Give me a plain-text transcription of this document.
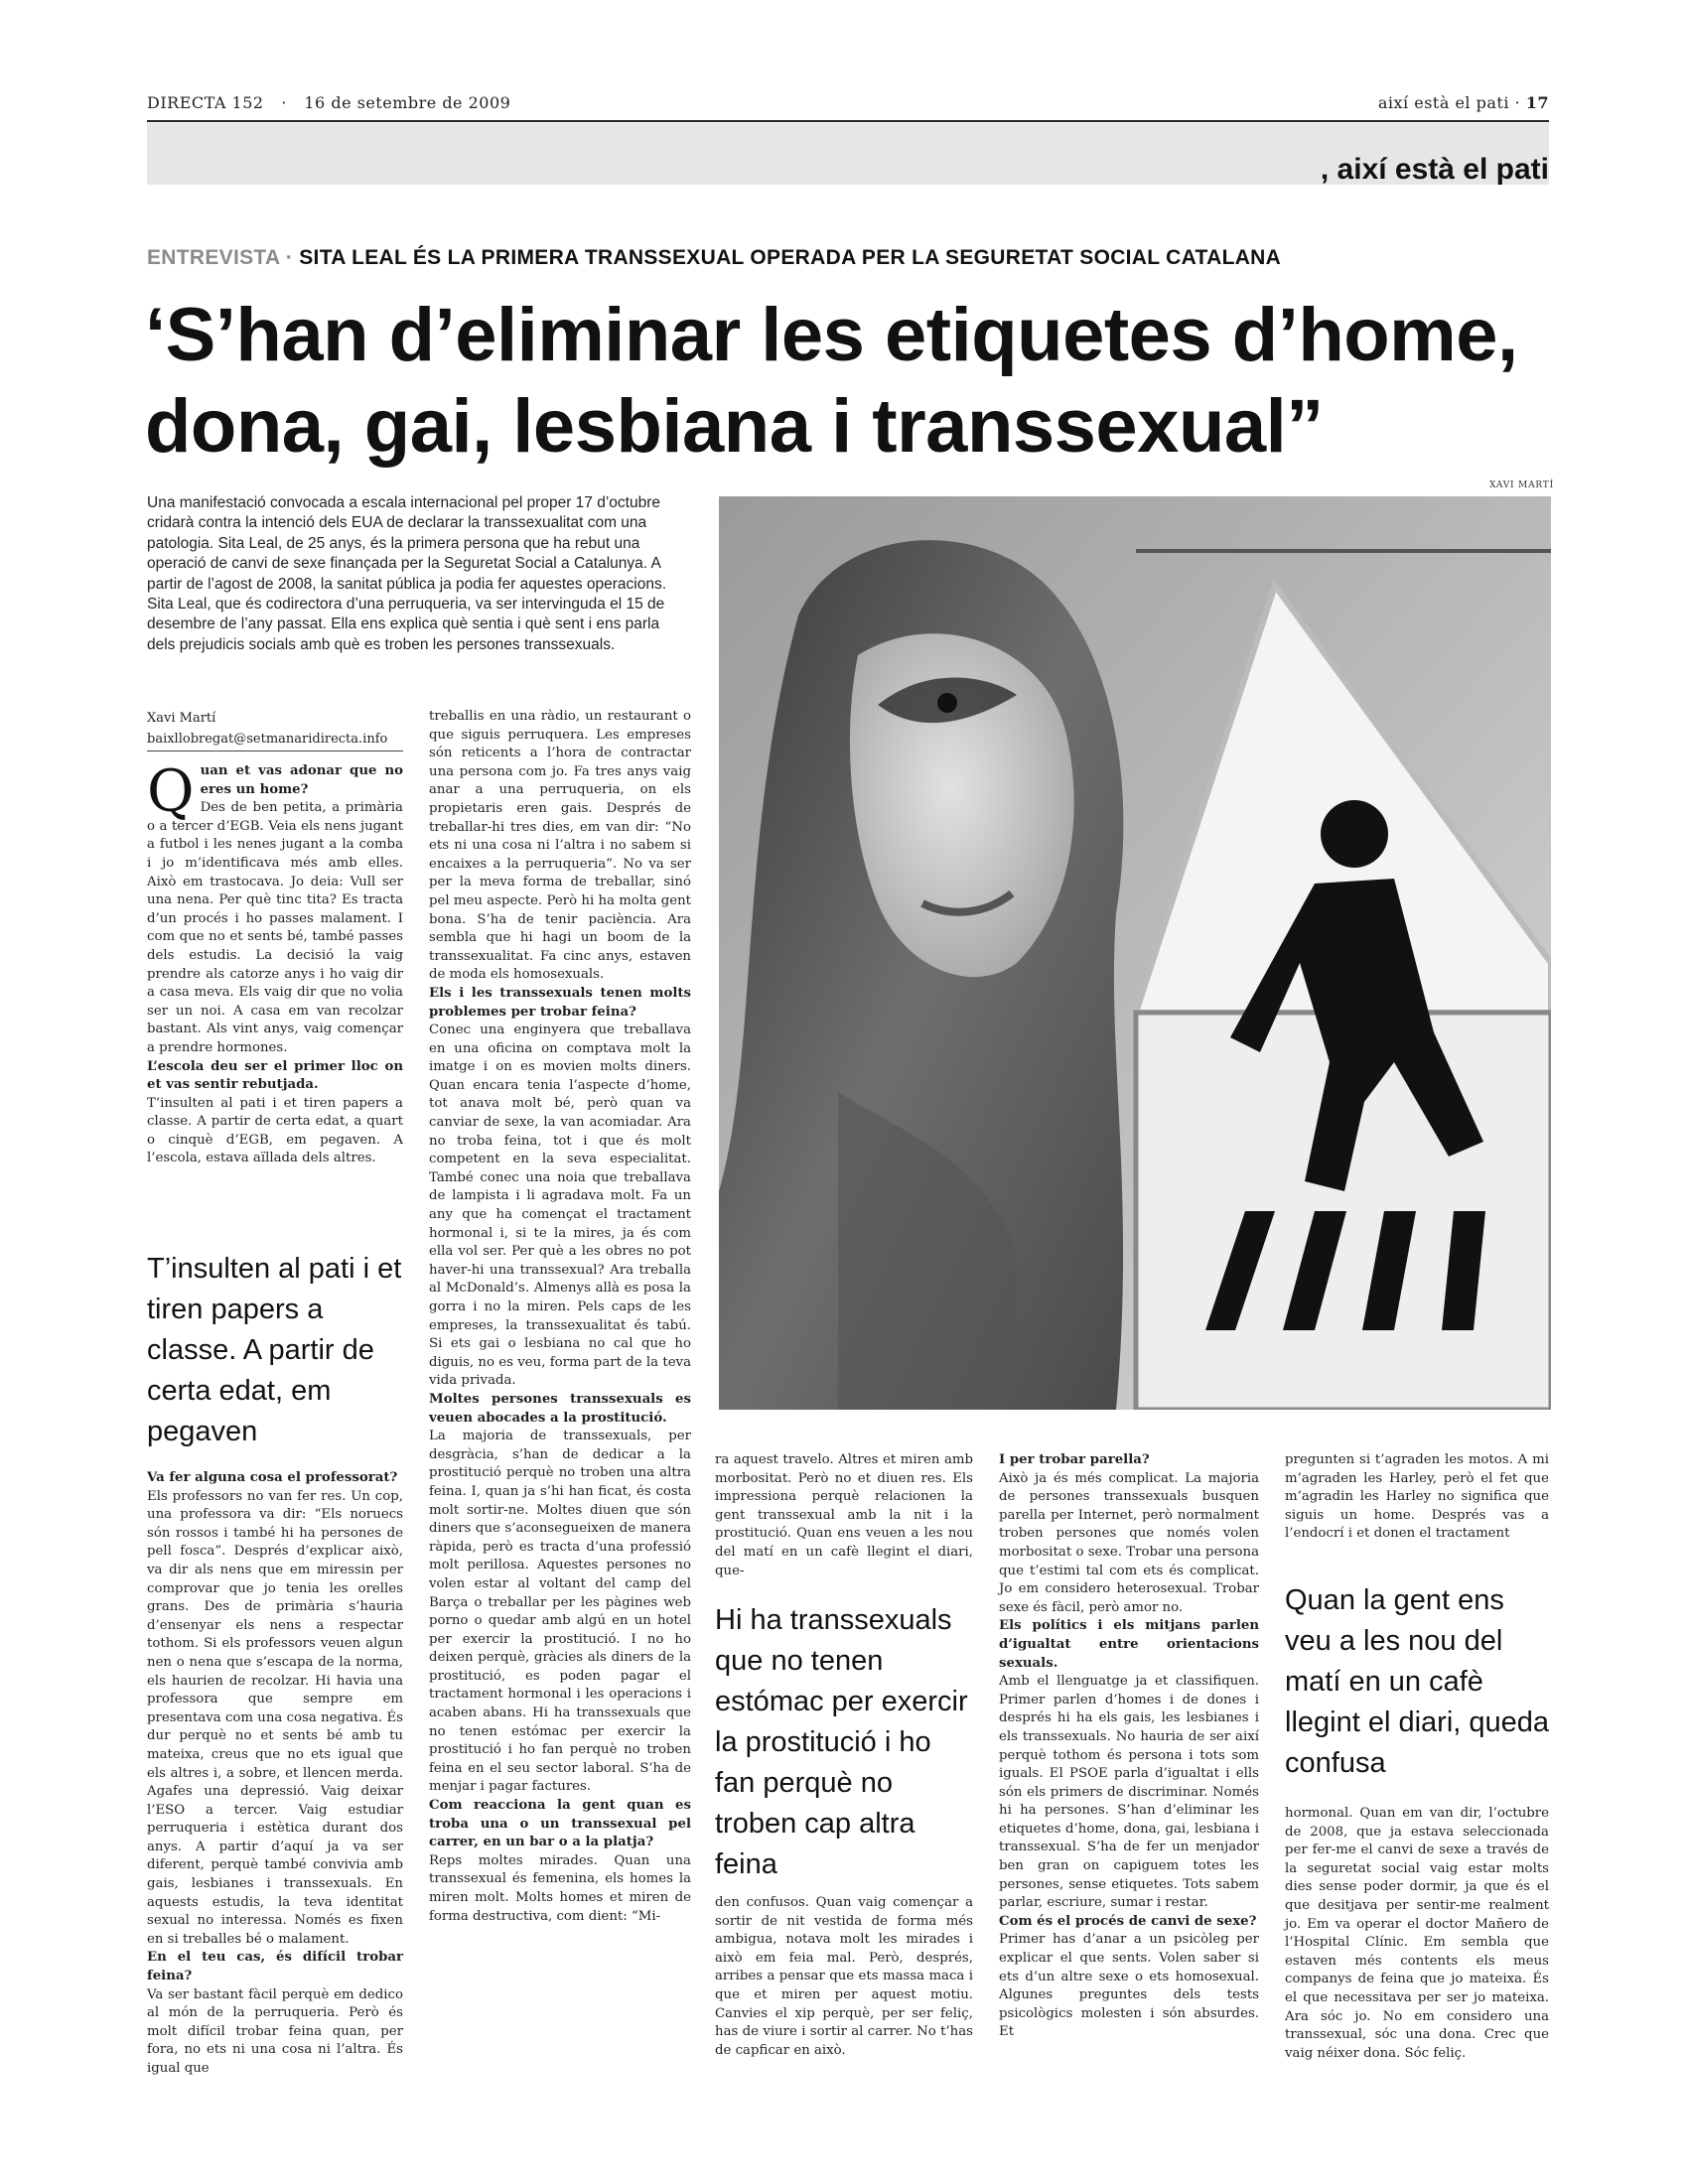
DIRECTA 152 · 16 de setembre de 2009	així està el pati · 17
, així està el pati
ENTREVISTA · SITA LEAL ÉS LA PRIMERA TRANSSEXUAL OPERADA PER LA SEGURETAT SOCIAL CATALANA
‘S’han d’eliminar les etiquetes d’home, dona, gai, lesbiana i transsexual”

Una manifestació convocada a escala internacional pel proper 17 d’octubre cridarà contra la intenció dels EUA de declarar la transsexualitat com una patologia. Sita Leal, de 25 anys, és la primera persona que ha rebut una operació de canvi de sexe finançada per la Seguretat Social a Catalunya. A partir de l’agost de 2008, la sanitat pública ja podia fer aquestes operacions. Sita Leal, que és codirectora d’una perruqueria, va ser intervinguda el 15 de desembre de l’any passat. Ella ens explica què sentia i què sent i ens parla dels prejudicis socials amb què es troben les persones transsexuals.

XAVI MARTÍ
Xavi Martí
baixllobregat@setmanaridirecta.info

Quan et vas adonar que no eres un home?

Des de ben petita, a primària o a tercer d’EGB. Veia els nens jugant a futbol i les nenes jugant a la comba i jo m’identificava més amb elles. Això em trastocava. Jo deia: Vull ser una nena. Per què tinc tita? Es tracta d’un procés i ho passes malament. I com que no et sents bé, també passes dels estudis. La decisió la vaig prendre als catorze anys i ho vaig dir a casa meva. Els vaig dir que no volia ser un noi. A casa em van recolzar bastant. Als vint anys, vaig començar a prendre hormones.

L’escola deu ser el primer lloc on et vas sentir rebutjada.

T’insulten al pati i et tiren papers a classe. A partir de certa edat, a quart o cinquè d’EGB, em pegaven. A l’escola, estava aïllada dels altres.

T’insulten al pati i et tiren papers a classe. A partir de certa edat, em pegaven

Va fer alguna cosa el professorat?

Els professors no van fer res. Un cop, una professora va dir: “Els noruecs són rossos i també hi ha persones de pell fosca”. Després d’explicar això, va dir als nens que em miressin per comprovar que jo tenia les orelles grans. Des de primària s’hauria d’ensenyar els nens a respectar tothom. Si els professors veuen algun nen o nena que s’escapa de la norma, els haurien de recolzar. Hi havia una professora que sempre em presentava com una cosa negativa. És dur perquè no et sents bé amb tu mateixa, creus que no ets igual que els altres i, a sobre, et llencen merda. Agafes una depressió. Vaig deixar l’ESO a tercer. Vaig estudiar perruqueria i estètica durant dos anys. A partir d’aquí ja va ser diferent, perquè també convivia amb gais, lesbianes i transsexuals. En aquests estudis, la teva identitat sexual no interessa. Només es fixen en si treballes bé o malament.

En el teu cas, és difícil trobar feina?

Va ser bastant fàcil perquè em dedico al món de la perruqueria. Però és molt difícil trobar feina quan, per fora, no ets ni una cosa ni l’altra. És igual que

treballis en una ràdio, un restaurant o que siguis perruquera. Les empreses són reticents a l’hora de contractar una persona com jo. Fa tres anys vaig anar a una perruqueria, on els propietaris eren gais. Després de treballar-hi tres dies, em van dir: “No ets ni una cosa ni l’altra i no sabem si encaixes a la perruqueria”. No va ser per la meva forma de treballar, sinó pel meu aspecte. Però hi ha molta gent bona. S’ha de tenir paciència. Ara sembla que hi hagi un boom de la transsexualitat. Fa cinc anys, estaven de moda els homosexuals.

Els i les transsexuals tenen molts problemes per trobar feina?

Conec una enginyera que treballava en una oficina on comptava molt la imatge i on es movien molts diners. Quan encara tenia l’aspecte d’home, tot anava molt bé, però quan va canviar de sexe, la van acomiadar. Ara no troba feina, tot i que és molt competent en la seva especialitat. També conec una noia que treballava de lampista i li agradava molt. Fa un any que ha començat el tractament hormonal i, si te la mires, ja és com ella vol ser. Per què a les obres no pot haver-hi una transsexual? Ara treballa al McDonald’s. Almenys allà es posa la gorra i no la miren. Pels caps de les empreses, la transsexualitat és tabú. Si ets gai o lesbiana no cal que ho diguis, no es veu, forma part de la teva vida privada.

Moltes persones transsexuals es veuen abocades a la prostitució.

La majoria de transsexuals, per desgràcia, s’han de dedicar a la prostitució perquè no troben una altra feina. I, quan ja s’hi han ficat, és costa molt sortir-ne. Moltes diuen que són diners que s’aconsegueixen de manera ràpida, però es tracta d’una professió molt perillosa. Aquestes persones no volen estar al voltant del camp del Barça o treballar per les pàgines web porno o quedar amb algú en un hotel per exercir la prostitució. I no ho deixen perquè, gràcies als diners de la prostitució, es poden pagar el tractament hormonal i les operacions i acaben abans. Hi ha transsexuals que no tenen estómac per exercir la prostitució i ho fan perquè no troben feina en el seu sector laboral. S’ha de menjar i pagar factures.

Com reacciona la gent quan es troba una o un transsexual pel carrer, en un bar o a la platja?

Reps moltes mirades. Quan una transsexual és femenina, els homes la miren molt. Molts homes et miren de forma destructiva, com dient: “Mi-

ra aquest travelo. Altres et miren amb morbositat. Però no et diuen res. Els impressiona perquè relacionen la gent transsexual amb la nit i la prostitució. Quan ens veuen a les nou del matí en un cafè llegint el diari, que-

Hi ha transsexuals que no tenen estómac per exercir la prostitució i ho fan perquè no troben cap altra feina

den confusos. Quan vaig començar a sortir de nit vestida de forma més ambigua, notava molt les mirades i això em feia mal. Però, després, arribes a pensar que ets massa maca i que et miren per aquest motiu. Canvies el xip perquè, per ser feliç, has de viure i sortir al carrer. No t’has de capficar en això.

I per trobar parella?

Això ja és més complicat. La majoria de persones transsexuals busquen parella per Internet, però normalment troben persones que només volen morbositat o sexe. Trobar una persona que t’estimi tal com ets és complicat. Jo em considero heterosexual. Trobar sexe és fàcil, però amor no.

Els polítics i els mitjans parlen d’igualtat entre orientacions sexuals.

Amb el llenguatge ja et classifiquen. Primer parlen d’homes i de dones i després hi ha els gais, les lesbianes i els transsexuals. No hauria de ser així perquè tothom és persona i tots som iguals. El PSOE parla d’igualtat i ells són els primers de discriminar. Només hi ha persones. S’han d’eliminar les etiquetes d’home, dona, gai, lesbiana i transsexual. S’ha de fer un menjador ben gran on capiguem totes les persones, sense etiquetes. Tots sabem parlar, escriure, sumar i restar.

Com és el procés de canvi de sexe?

Primer has d’anar a un psicòleg per explicar el que sents. Volen saber si ets d’un altre sexe o ets homosexual. Algunes preguntes dels tests psicològics molesten i són absurdes. Et

pregunten si t’agraden les motos. A mi m’agraden les Harley, però el fet que m’agradin les Harley no significa que siguis un home. Després vas a l’endocrí i et donen el tractament

Quan la gent ens veu a les nou del matí en un cafè llegint el diari, queda confusa

hormonal. Quan em van dir, l’octubre de 2008, que ja estava seleccionada per fer-me el canvi de sexe a través de la seguretat social vaig estar molts dies sense poder dormir, ja que és el que desitjava per sentir-me realment jo. Em va operar el doctor Mañero de l’Hospital Clínic. Em sembla que estaven més contents els meus companys de feina que jo mateixa. És el que necessitava per ser jo mateixa. Ara sóc jo. No em considero una transsexual, sóc una dona. Crec que vaig néixer dona. Sóc feliç.
